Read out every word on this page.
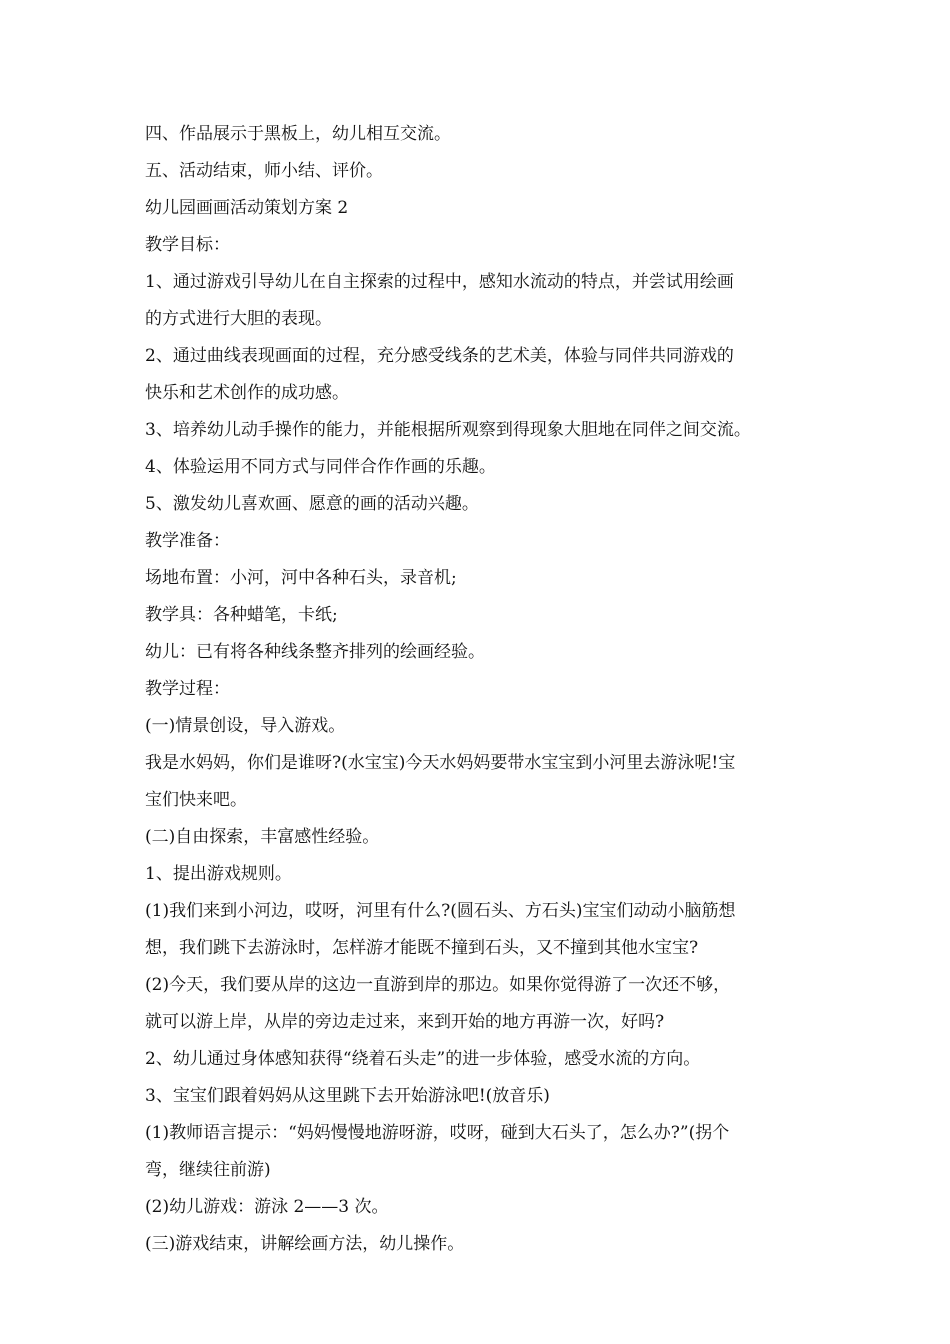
四、作品展示于黑板上，幼儿相互交流。
五、活动结束，师小结、评价。
幼儿园画画活动策划方案 2
教学目标：
1、通过游戏引导幼儿在自主探索的过程中，感知水流动的特点，并尝试用绘画
的方式进行大胆的表现。
2、通过曲线表现画面的过程，充分感受线条的艺术美，体验与同伴共同游戏的
快乐和艺术创作的成功感。
3、培养幼儿动手操作的能力，并能根据所观察到得现象大胆地在同伴之间交流。
4、体验运用不同方式与同伴合作作画的乐趣。
5、激发幼儿喜欢画、愿意的画的活动兴趣。
教学准备：
场地布置：小河，河中各种石头，录音机;
教学具：各种蜡笔，卡纸;
幼儿：已有将各种线条整齐排列的绘画经验。
教学过程：
(一)情景创设，导入游戏。
我是水妈妈，你们是谁呀?(水宝宝)今天水妈妈要带水宝宝到小河里去游泳呢!宝
宝们快来吧。
(二)自由探索，丰富感性经验。
1、提出游戏规则。
(1)我们来到小河边，哎呀，河里有什么?(圆石头、方石头)宝宝们动动小脑筋想
想，我们跳下去游泳时，怎样游才能既不撞到石头，又不撞到其他水宝宝?
(2)今天，我们要从岸的这边一直游到岸的那边。如果你觉得游了一次还不够，
就可以游上岸，从岸的旁边走过来，来到开始的地方再游一次，好吗?
2、幼儿通过身体感知获得“绕着石头走”的进一步体验，感受水流的方向。
3、宝宝们跟着妈妈从这里跳下去开始游泳吧!(放音乐)
(1)教师语言提示：“妈妈慢慢地游呀游，哎呀，碰到大石头了，怎么办?”(拐个
弯，继续往前游)
(2)幼儿游戏：游泳 2——3 次。
(三)游戏结束，讲解绘画方法，幼儿操作。
